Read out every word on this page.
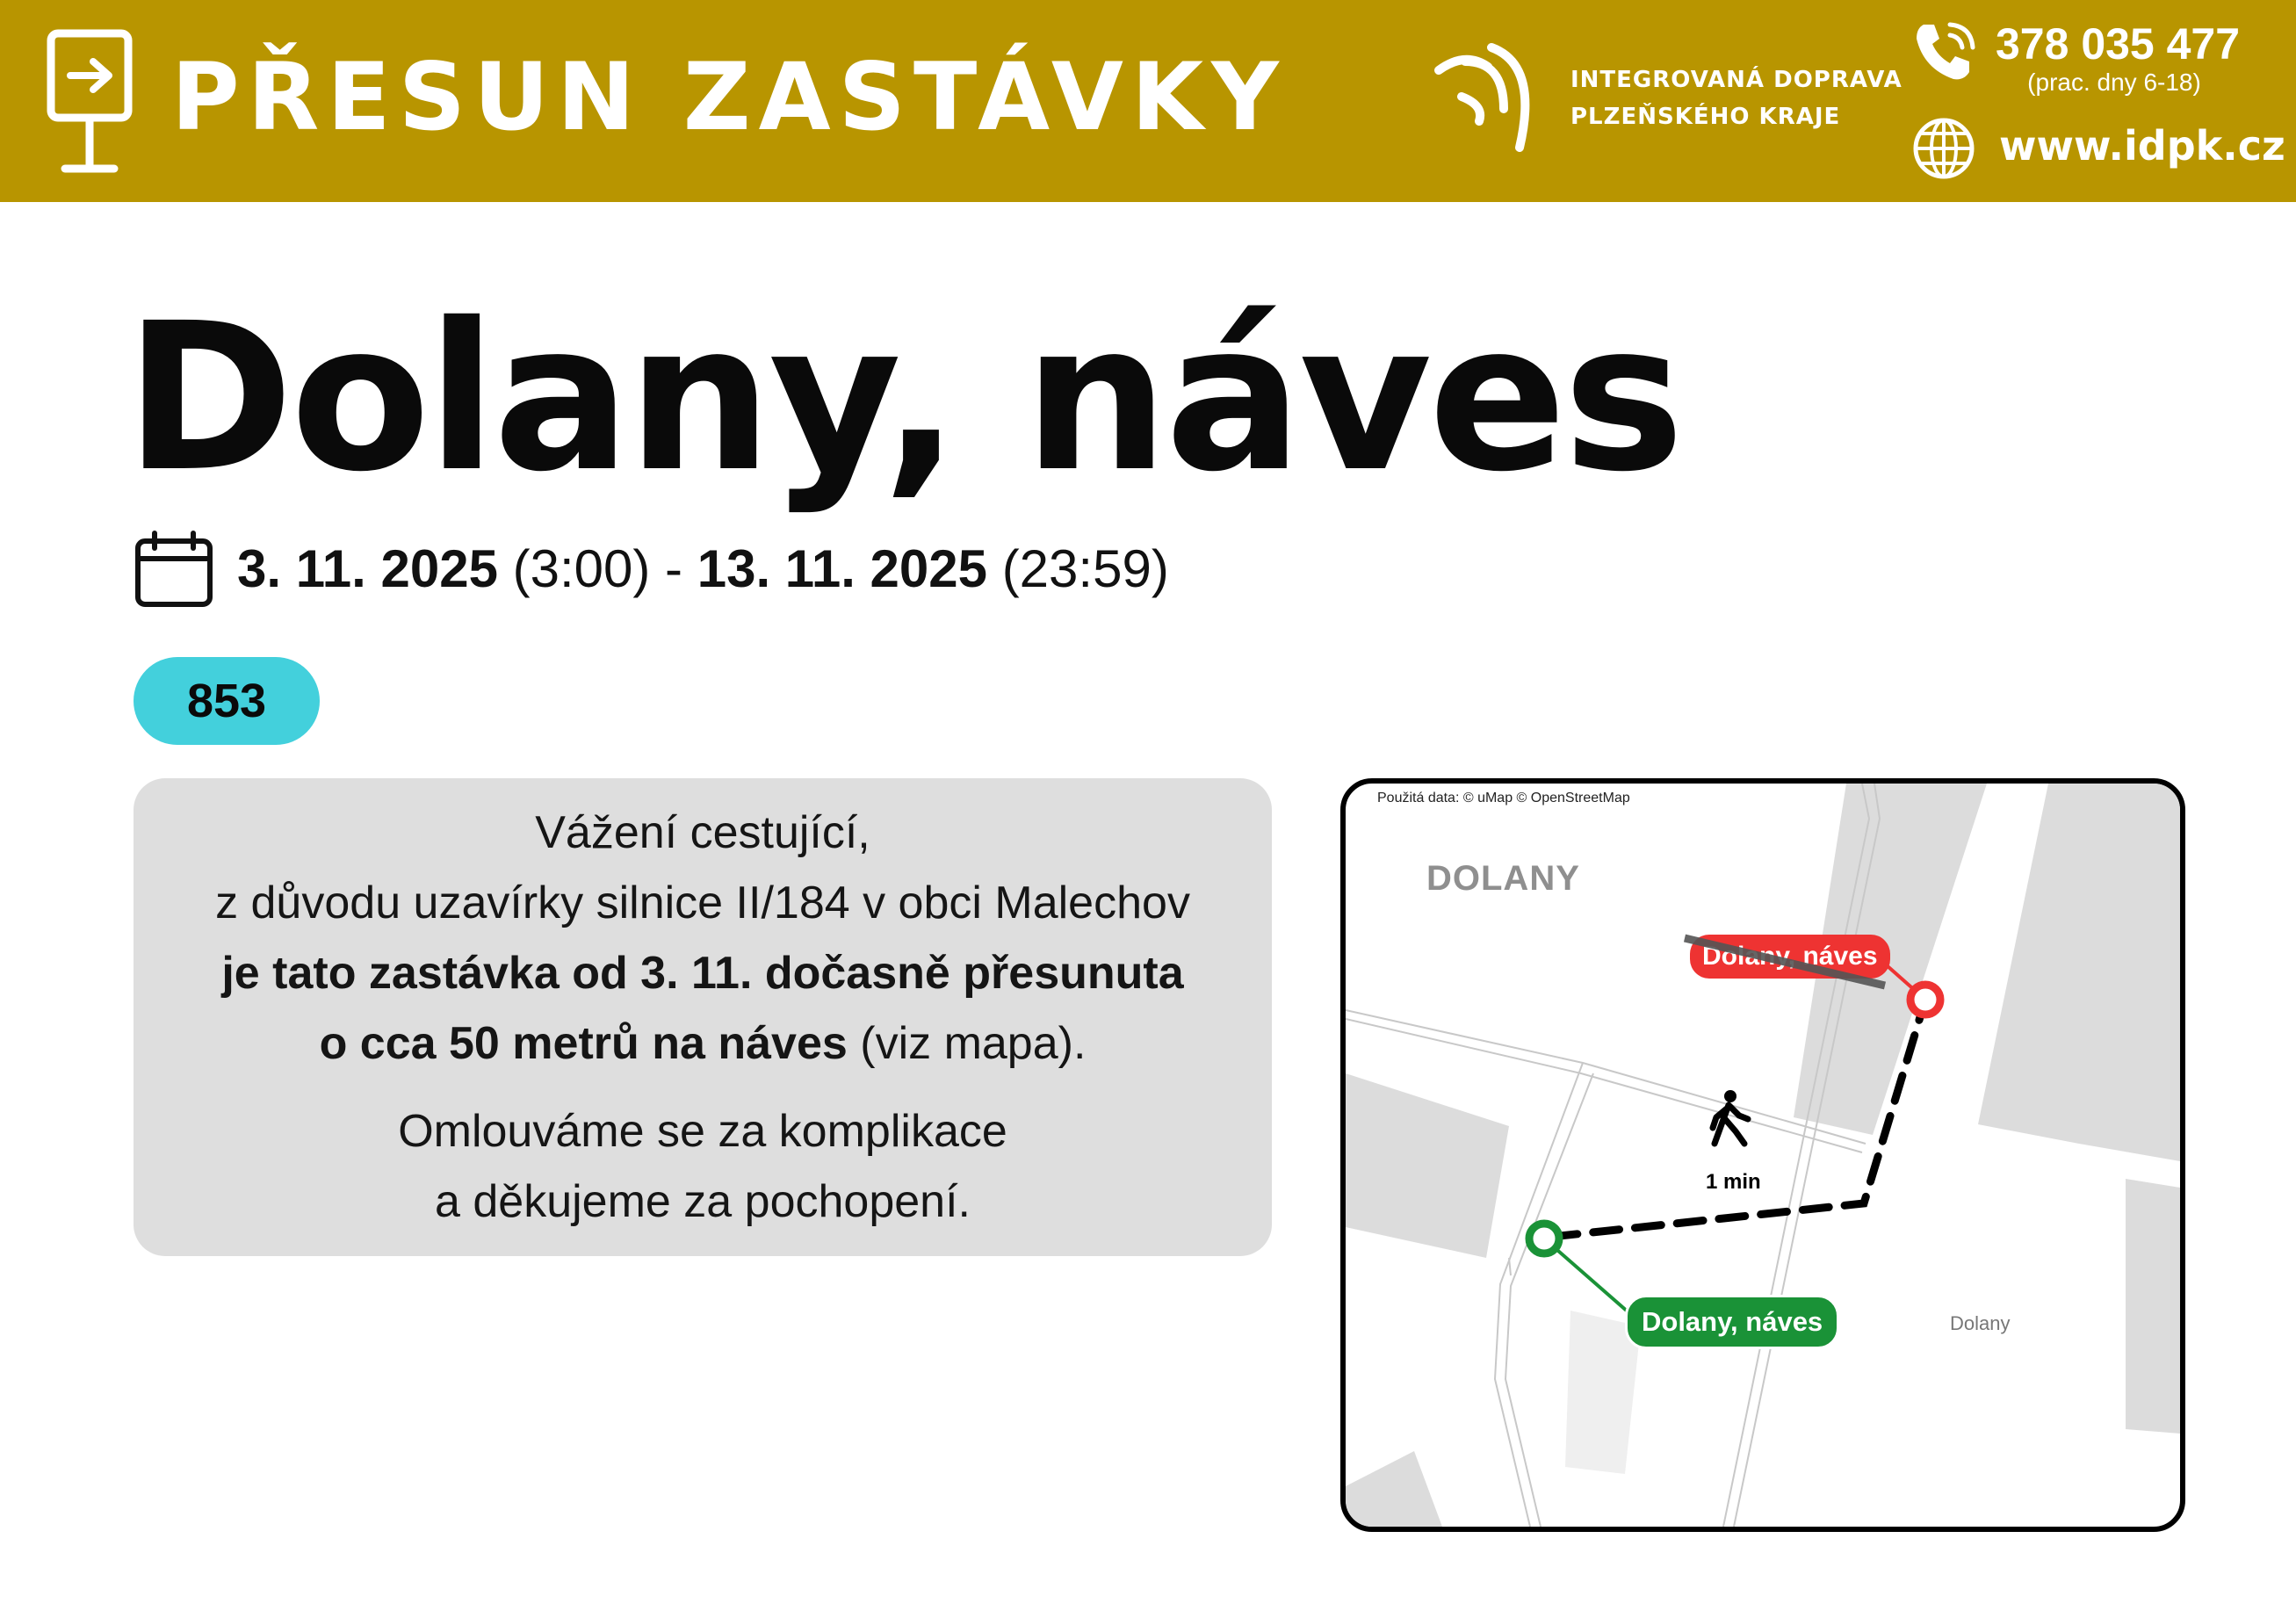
PŘESUN ZASTÁVKY	INTEGROVANÁ DOPRAVA
PLZEŇSKÉHO KRAJE
378 035 477
(prac. dny 6-18)
www.idpk.cz
Dolany, náves
3. 11. 2025 (3:00) - 13. 11. 2025 (23:59)
853

Vážení cestující,

z důvodu uzavírky silnice II/184 v obci Malechov

je tato zastávka od 3. 11. dočasně přesunuta

o cca 50 metrů na náves (viz mapa).

Omlouváme se za komplikace

a děkujeme za pochopení.

Použitá data: © uMap © OpenStreetMap
DOLANY
Dolany
1 min
Dolany, náves
Dolany, náves
